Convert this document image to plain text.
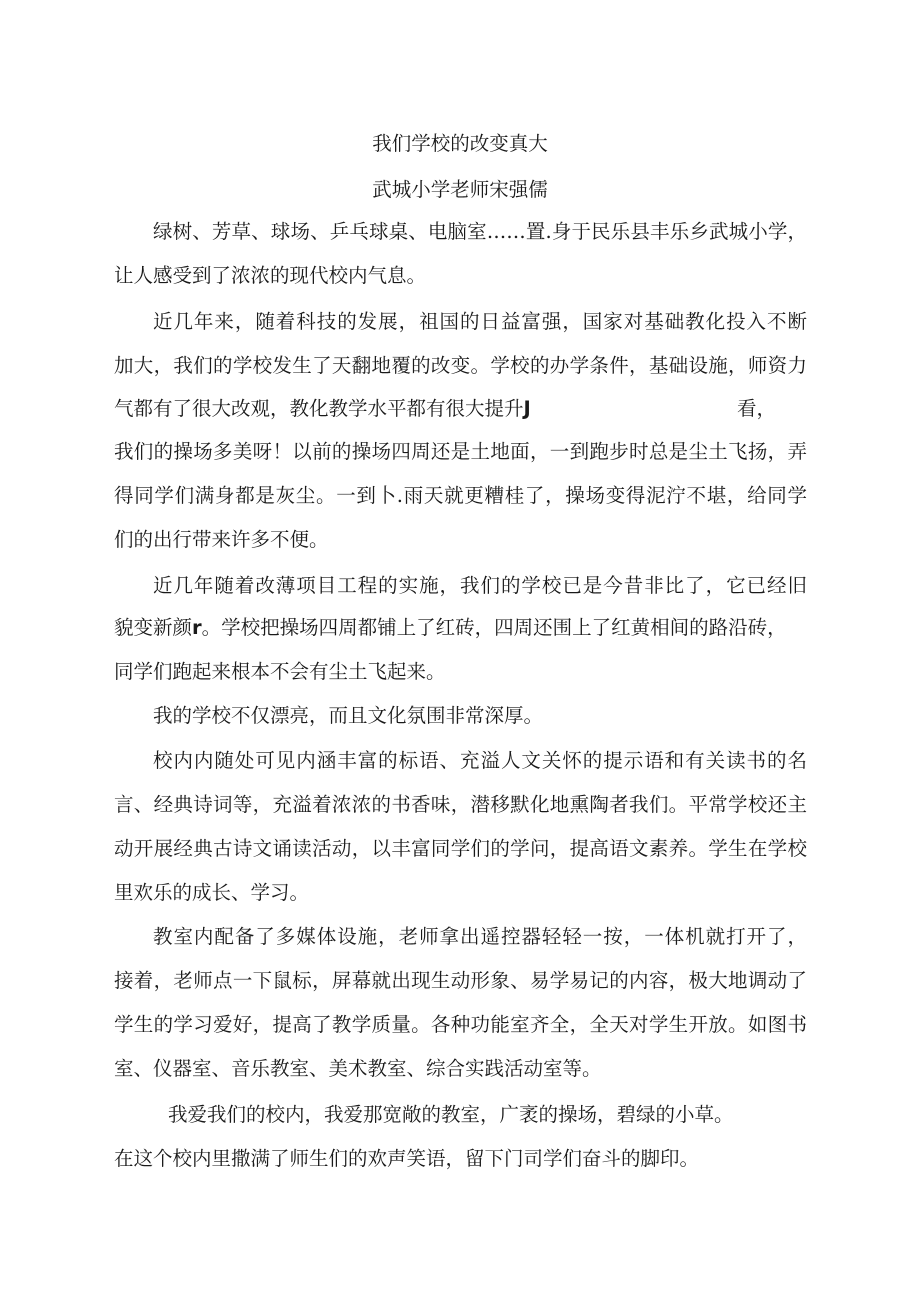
我们学校的改变真大
武城小学老师宋强儒
绿树、芳草、球场、乒乓球桌、电脑室……置.身于民乐县丰乐乡武城小学，
让人感受到了浓浓的现代校内气息。
近几年来，随着科技的发展，祖国的日益富强，国家对基础教化投入不断
加大，我们的学校发生了天翻地覆的改变。学校的办学条件，基础设施，师资力
气都有了很大改观，教化教学水平都有很大提升J	看，
我们的操场多美呀！以前的操场四周还是土地面，一到跑步时总是尘土飞扬，弄
得同学们满身都是灰尘。一到卜.雨天就更糟桂了，操场变得泥泞不堪，给同学
们的出行带来许多不便。
近几年随着改薄项目工程的实施，我们的学校已是今昔非比了，它已经旧
貌变新颜r。学校把操场四周都铺上了红砖，四周还围上了红黄相间的路沿砖，
同学们跑起来根本不会有尘土飞起来。
我的学校不仅漂亮，而且文化氛围非常深厚。
校内内随处可见内涵丰富的标语、充溢人文关怀的提示语和有关读书的名
言、经典诗词等，充溢着浓浓的书香味，潜移默化地熏陶者我们。平常学校还主
动开展经典古诗文诵读活动，以丰富同学们的学问，提高语文素养。学生在学校
里欢乐的成长、学习。
教室内配备了多媒体设施，老师拿出遥控器轻轻一按，一体机就打开了，
接着，老师点一下鼠标，屏幕就出现生动形象、易学易记的内容，极大地调动了
学生的学习爱好，提高了教学质量。各种功能室齐全，全天对学生开放。如图书
室、仪器室、音乐教室、美术教室、综合实践活动室等。
我爱我们的校内，我爱那宽敞的教室，广袤的操场，碧绿的小草。
在这个校内里撒满了师生们的欢声笑语，留下门司学们奋斗的脚印。
